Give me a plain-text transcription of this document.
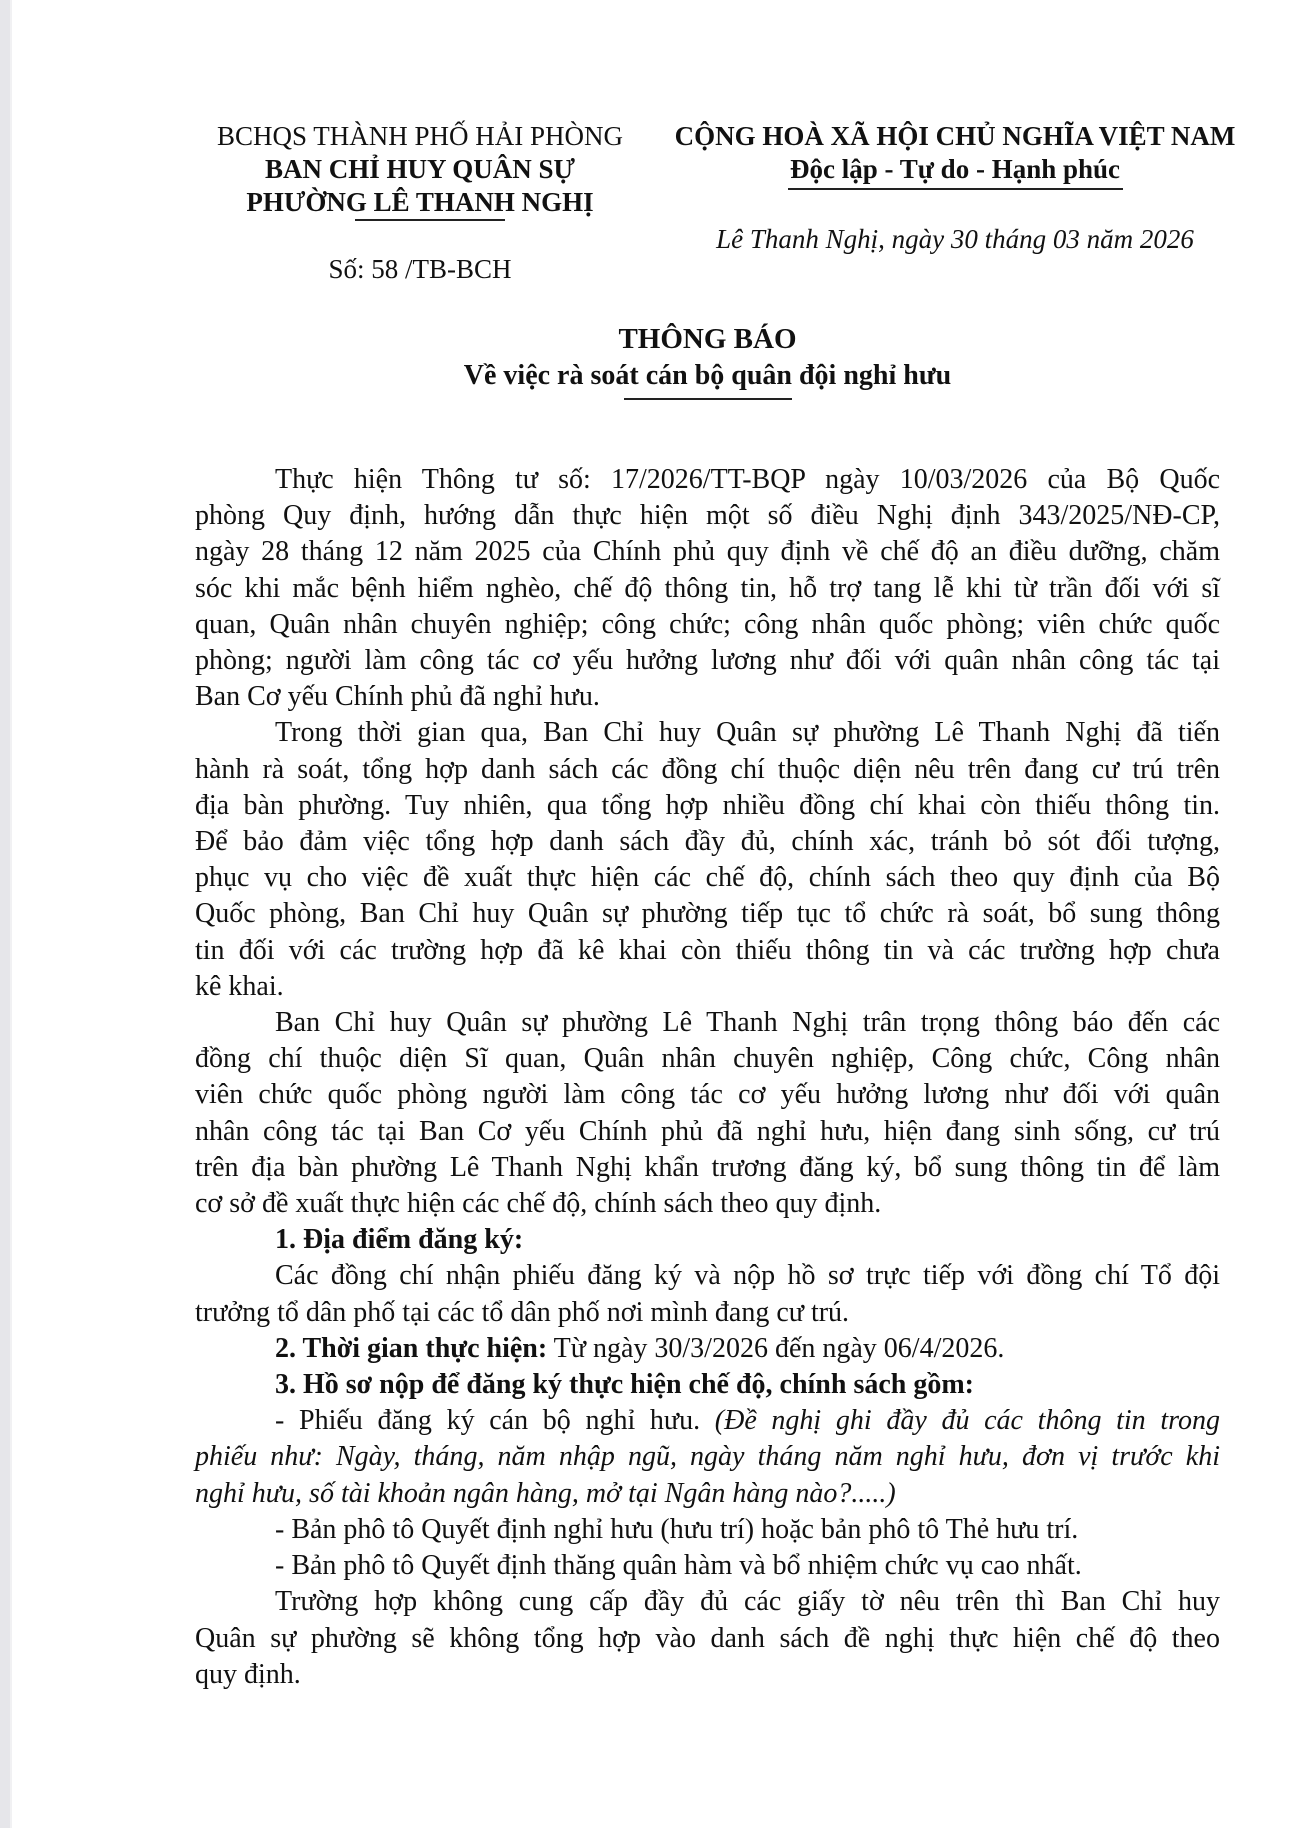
BCHQS THÀNH PHỐ HẢI PHÒNG
BAN CHỈ HUY QUÂN SỰ
PHƯỜNG LÊ THANH NGHỊ
CỘNG HOÀ XÃ HỘI CHỦ NGHĨA VIỆT NAM
Độc lập - Tự do - Hạnh phúc
Lê Thanh Nghị, ngày 30 tháng 03 năm 2026
Số: 58 /TB-BCH
THÔNG BÁO
Về việc rà soát cán bộ quân đội nghỉ hưu
Thực hiện Thông tư số: 17/2026/TT-BQP ngày 10/03/2026 của Bộ Quốc
phòng Quy định, hướng dẫn thực hiện một số điều Nghị định 343/2025/NĐ-CP,
ngày 28 tháng 12 năm 2025 của Chính phủ quy định về chế độ an điều dưỡng, chăm
sóc khi mắc bệnh hiểm nghèo, chế độ thông tin, hỗ trợ tang lễ khi từ trần đối với sĩ
quan, Quân nhân chuyên nghiệp; công chức; công nhân quốc phòng; viên chức quốc
phòng; người làm công tác cơ yếu hưởng lương như đối với quân nhân công tác tại
Ban Cơ yếu Chính phủ đã nghỉ hưu.
Trong thời gian qua, Ban Chỉ huy Quân sự phường Lê Thanh Nghị đã tiến
hành rà soát, tổng hợp danh sách các đồng chí thuộc diện nêu trên đang cư trú trên
địa bàn phường. Tuy nhiên, qua tổng hợp nhiều đồng chí khai còn thiếu thông tin.
Để bảo đảm việc tổng hợp danh sách đầy đủ, chính xác, tránh bỏ sót đối tượng,
phục vụ cho việc đề xuất thực hiện các chế độ, chính sách theo quy định của Bộ
Quốc phòng, Ban Chỉ huy Quân sự phường tiếp tục tổ chức rà soát, bổ sung thông
tin đối với các trường hợp đã kê khai còn thiếu thông tin và các trường hợp chưa
kê khai.
Ban Chỉ huy Quân sự phường Lê Thanh Nghị trân trọng thông báo đến các
đồng chí thuộc diện Sĩ quan, Quân nhân chuyên nghiệp, Công chức, Công nhân
viên chức quốc phòng người làm công tác cơ yếu hưởng lương như đối với quân
nhân công tác tại Ban Cơ yếu Chính phủ đã nghỉ hưu, hiện đang sinh sống, cư trú
trên địa bàn phường Lê Thanh Nghị khẩn trương đăng ký, bổ sung thông tin để làm
cơ sở đề xuất thực hiện các chế độ, chính sách theo quy định.
1. Địa điểm đăng ký:
Các đồng chí nhận phiếu đăng ký và nộp hồ sơ trực tiếp với đồng chí Tổ đội
trưởng tổ dân phố tại các tổ dân phố nơi mình đang cư trú.
2. Thời gian thực hiện: Từ ngày 30/3/2026 đến ngày 06/4/2026.
3. Hồ sơ nộp để đăng ký thực hiện chế độ, chính sách gồm:
- Phiếu đăng ký cán bộ nghỉ hưu. (Đề nghị ghi đầy đủ các thông tin trong
phiếu như: Ngày, tháng, năm nhập ngũ, ngày tháng năm nghỉ hưu, đơn vị trước khi
nghỉ hưu, số tài khoản ngân hàng, mở tại Ngân hàng nào?.....)
- Bản phô tô Quyết định nghỉ hưu (hưu trí) hoặc bản phô tô Thẻ hưu trí.
- Bản phô tô Quyết định thăng quân hàm và bổ nhiệm chức vụ cao nhất.
Trường hợp không cung cấp đầy đủ các giấy tờ nêu trên thì Ban Chỉ huy
Quân sự phường sẽ không tổng hợp vào danh sách đề nghị thực hiện chế độ theo
quy định.
